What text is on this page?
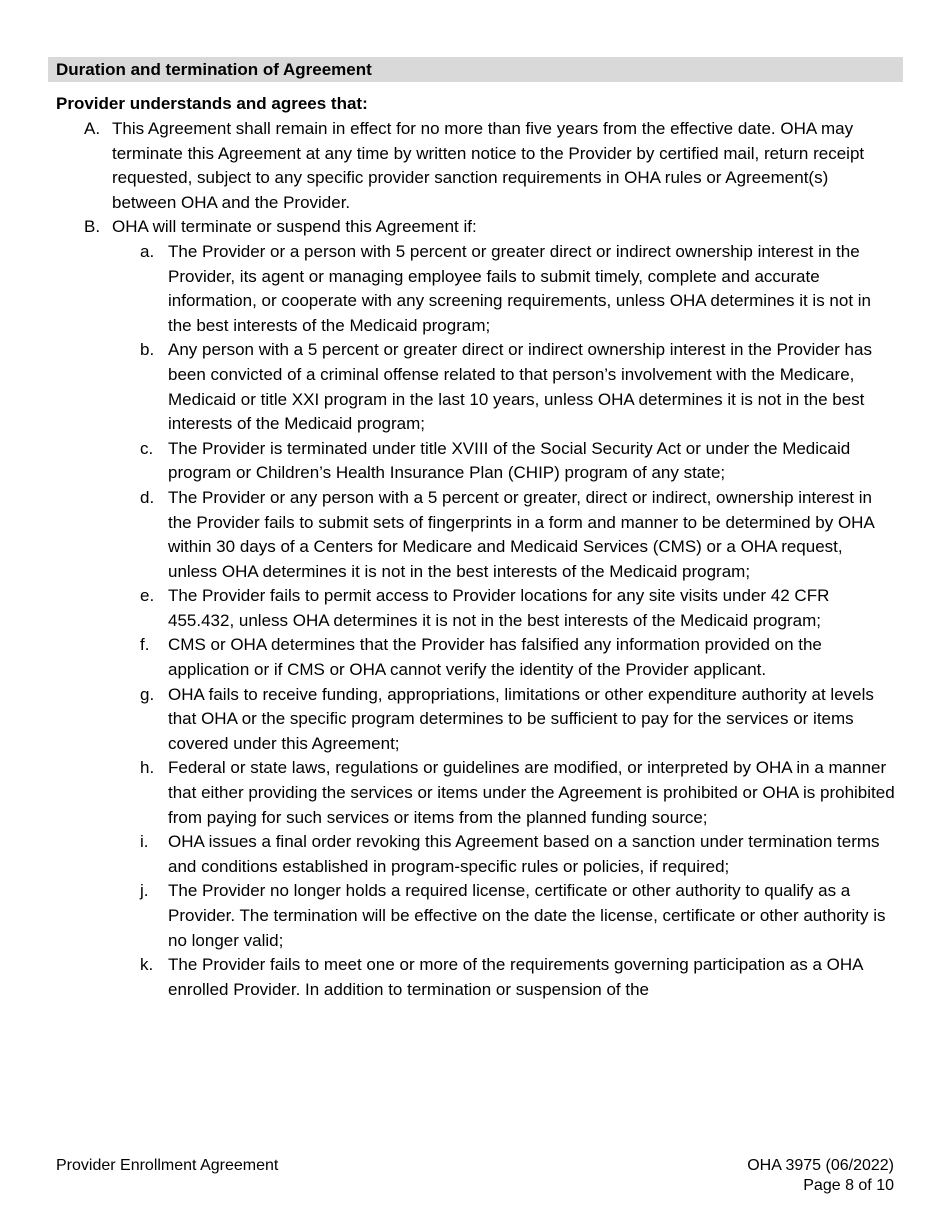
Duration and termination of Agreement
Provider understands and agrees that:
A. This Agreement shall remain in effect for no more than five years from the effective date. OHA may terminate this Agreement at any time by written notice to the Provider by certified mail, return receipt requested, subject to any specific provider sanction requirements in OHA rules or Agreement(s) between OHA and the Provider.
B. OHA will terminate or suspend this Agreement if:
a. The Provider or a person with 5 percent or greater direct or indirect ownership interest in the Provider, its agent or managing employee fails to submit timely, complete and accurate information, or cooperate with any screening requirements, unless OHA determines it is not in the best interests of the Medicaid program;
b. Any person with a 5 percent or greater direct or indirect ownership interest in the Provider has been convicted of a criminal offense related to that person’s involvement with the Medicare, Medicaid or title XXI program in the last 10 years, unless OHA determines it is not in the best interests of the Medicaid program;
c. The Provider is terminated under title XVIII of the Social Security Act or under the Medicaid program or Children’s Health Insurance Plan (CHIP) program of any state;
d. The Provider or any person with a 5 percent or greater, direct or indirect, ownership interest in the Provider fails to submit sets of fingerprints in a form and manner to be determined by OHA within 30 days of a Centers for Medicare and Medicaid Services (CMS) or a OHA request, unless OHA determines it is not in the best interests of the Medicaid program;
e. The Provider fails to permit access to Provider locations for any site visits under 42 CFR 455.432, unless OHA determines it is not in the best interests of the Medicaid program;
f.	CMS or OHA determines that the Provider has falsified any information provided on the application or if CMS or OHA cannot verify the identity of the Provider applicant.
g. OHA fails to receive funding, appropriations, limitations or other expenditure authority at levels that OHA or the specific program determines to be sufficient to pay for the services or items covered under this Agreement;
h. Federal or state laws, regulations or guidelines are modified, or interpreted by OHA in a manner that either providing the services or items under the Agreement is prohibited or OHA is prohibited from paying for such services or items from the planned funding source;
i.	OHA issues a final order revoking this Agreement based on a sanction under termination terms and conditions established in program-specific rules or policies, if required;
j.	The Provider no longer holds a required license, certificate or other authority to qualify as a Provider. The termination will be effective on the date the license, certificate or other authority is no longer valid;
k. The Provider fails to meet one or more of the requirements governing participation as a OHA enrolled Provider. In addition to termination or suspension of the
Provider Enrollment Agreement	OHA 3975 (06/2022)
Page 8 of 10
